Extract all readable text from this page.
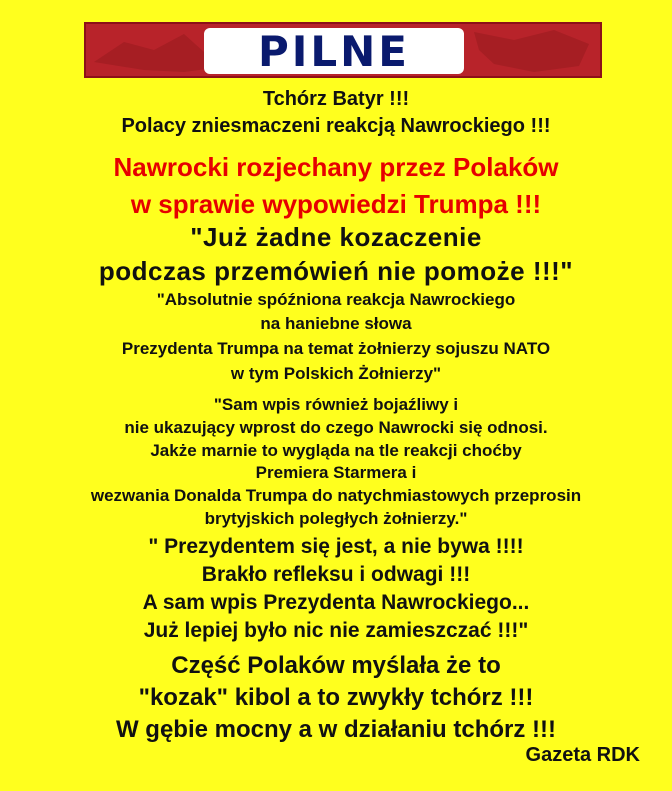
PILNE
Tchórz Batyr !!!
Polacy zniesmaczeni reakcją Nawrockiego !!!
Nawrocki rozjechany przez Polaków
w sprawie wypowiedzi Trumpa !!!
"Już żadne kozaczenie
podczas przemówień nie pomoże !!!"
"Absolutnie spóźniona reakcja Nawrockiego
na haniebne słowa
Prezydenta Trumpa na temat żołnierzy sojuszu NATO
w tym Polskich Żołnierzy"
"Sam wpis również bojaźliwy i
nie ukazujący wprost do czego Nawrocki się odnosi.
Jakże marnie to wygląda na tle reakcji choćby
Premiera Starmera i
wezwania Donalda Trumpa do natychmiastowych przeprosin
brytyjskich poległych żołnierzy."
" Prezydentem się jest, a nie bywa !!!!
Brakło refleksu i odwagi !!!
A sam wpis Prezydenta Nawrockiego...
Już lepiej było nic nie zamieszczać !!!"
Część Polaków myślała że to
"kozak" kibol a to zwykły tchórz !!!
W gębie mocny a w działaniu tchórz !!!
Gazeta RDK
